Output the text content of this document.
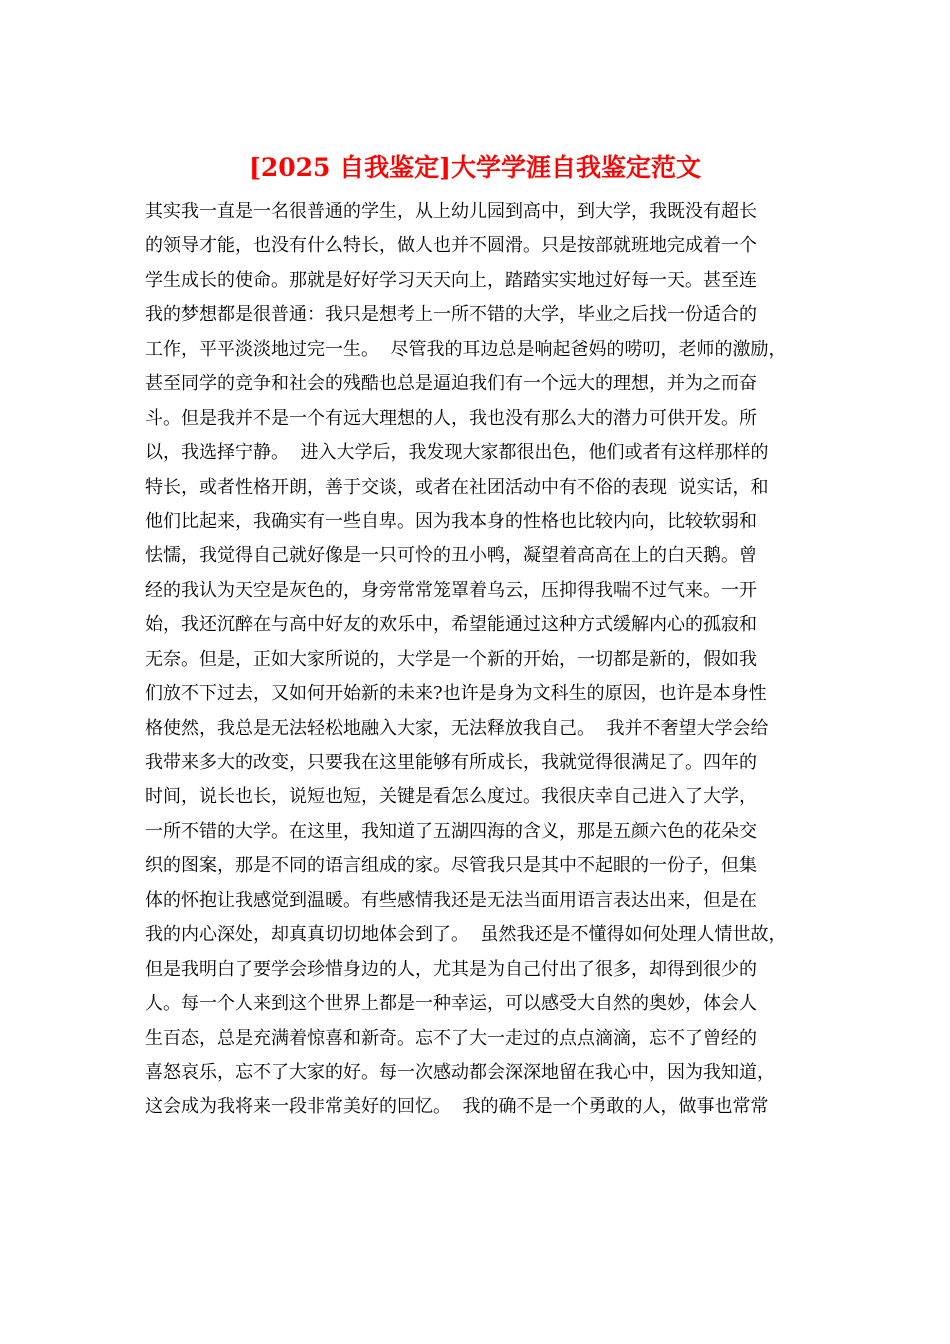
[2025 自我鉴定]大学学涯自我鉴定范文
其实我一直是一名很普通的学生，从上幼儿园到高中，到大学，我既没有超长
的领导才能，也没有什么特长，做人也并不圆滑。只是按部就班地完成着一个
学生成长的使命。那就是好好学习天天向上，踏踏实实地过好每一天。甚至连
我的梦想都是很普通：我只是想考上一所不错的大学，毕业之后找一份适合的
工作，平平淡淡地过完一生。  尽管我的耳边总是响起爸妈的唠叨，老师的激励，
甚至同学的竞争和社会的残酷也总是逼迫我们有一个远大的理想，并为之而奋
斗。但是我并不是一个有远大理想的人，我也没有那么大的潜力可供开发。所
以，我选择宁静。  进入大学后，我发现大家都很出色，他们或者有这样那样的
特长，或者性格开朗，善于交谈，或者在社团活动中有不俗的表现  说实话，和
他们比起来，我确实有一些自卑。因为我本身的性格也比较内向，比较软弱和
怯懦，我觉得自己就好像是一只可怜的丑小鸭，凝望着高高在上的白天鹅。曾
经的我认为天空是灰色的，身旁常常笼罩着乌云，压抑得我喘不过气来。一开
始，我还沉醉在与高中好友的欢乐中，希望能通过这种方式缓解内心的孤寂和
无奈。但是，正如大家所说的，大学是一个新的开始，一切都是新的，假如我
们放不下过去，又如何开始新的未来?也许是身为文科生的原因，也许是本身性
格使然，我总是无法轻松地融入大家，无法释放我自己。  我并不奢望大学会给
我带来多大的改变，只要我在这里能够有所成长，我就觉得很满足了。四年的
时间，说长也长，说短也短，关键是看怎么度过。我很庆幸自己进入了大学，
一所不错的大学。在这里，我知道了五湖四海的含义，那是五颜六色的花朵交
织的图案，那是不同的语言组成的家。尽管我只是其中不起眼的一份子，但集
体的怀抱让我感觉到温暖。有些感情我还是无法当面用语言表达出来，但是在
我的内心深处，却真真切切地体会到了。  虽然我还是不懂得如何处理人情世故，
但是我明白了要学会珍惜身边的人，尤其是为自己付出了很多，却得到很少的
人。每一个人来到这个世界上都是一种幸运，可以感受大自然的奥妙，体会人
生百态，总是充满着惊喜和新奇。忘不了大一走过的点点滴滴，忘不了曾经的
喜怒哀乐，忘不了大家的好。每一次感动都会深深地留在我心中，因为我知道，
这会成为我将来一段非常美好的回忆。  我的确不是一个勇敢的人，做事也常常
